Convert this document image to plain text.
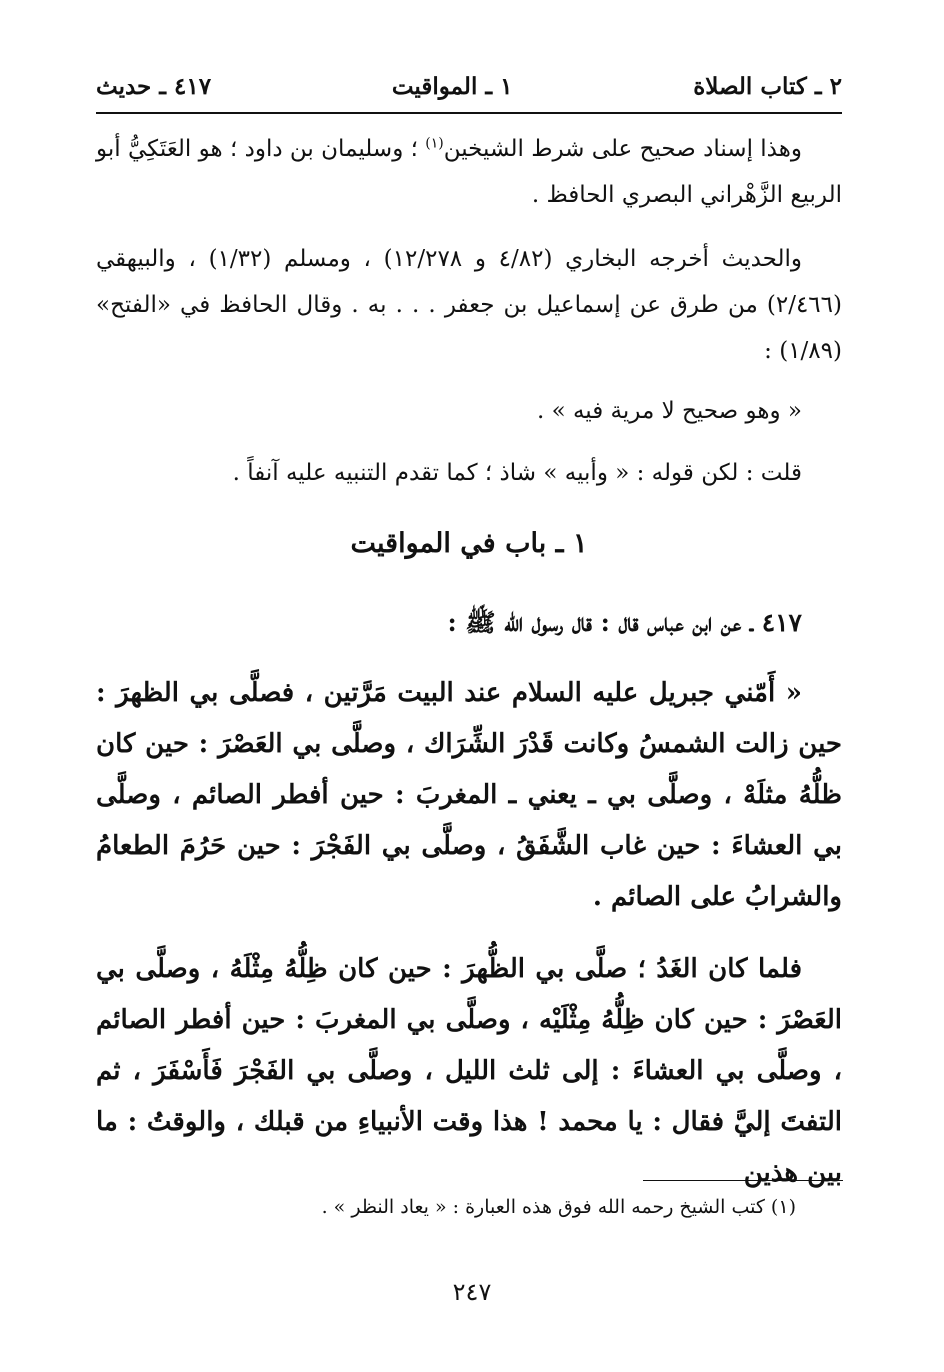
٢ ـ كتاب الصلاة
١ ـ المواقيت
٤١٧ ـ حديث
وهذا إسناد صحيح على شرط الشيخين$^{(١)}$ ؛ وسليمان بن داود ؛ هو العَتَكِيُّ أبو الربيع الزَّهْراني البصري الحافظ .
والحديث أخرجه البخاري (٤/٨٢ و ١٢/٢٧٨) ، ومسلم (١/٣٢) ، والبيهقي (٢/٤٦٦) من طرق عن إسماعيل بن جعفر . . . به . وقال الحافظ في «الفتح» (١/٨٩) :
« وهو صحيح لا مرية فيه » .
قلت : لكن قوله : « وأبيه » شاذ ؛ كما تقدم التنبيه عليه آنفاً .
١ ـ باب في المواقيت
٤١٧ ـ عن ابن عباس قال : قال رسول الله ﷺ :
« أَمّني جبريل عليه السلام عند البيت مَرَّتين ، فصلَّى بي الظهرَ : حين زالت الشمسُ وكانت قَدْرَ الشِّرَاك ، وصلَّى بي العَصْرَ : حين كان ظلُّهُ مثلَهْ ، وصلَّى بي ـ يعني ـ المغربَ : حين أفطر الصائم ، وصلَّى بي العشاءَ : حين غاب الشَّفَقُ ، وصلَّى بي الفَجْرَ : حين حَرُمَ الطعامُ والشرابُ على الصائم .
فلما كان الغَدُ ؛ صلَّى بي الظُّهرَ : حين كان ظِلُّهُ مِثْلَهُ ، وصلَّى بي العَصْرَ : حين كان ظِلُّهُ مِثْلَيْه ، وصلَّى بي المغربَ : حين أفطر الصائم ، وصلَّى بي العشاءَ : إلى ثلث الليل ، وصلَّى بي الفَجْرَ فَأَسْفَرَ ، ثم التفتَ إليَّ فقال : يا محمد ! هذا وقت الأنبياءِ من قبلك ، والوقتُ : ما بين هذين
(١) كتب الشيخ رحمه الله فوق هذه العبارة : « يعاد النظر » .
٢٤٧
